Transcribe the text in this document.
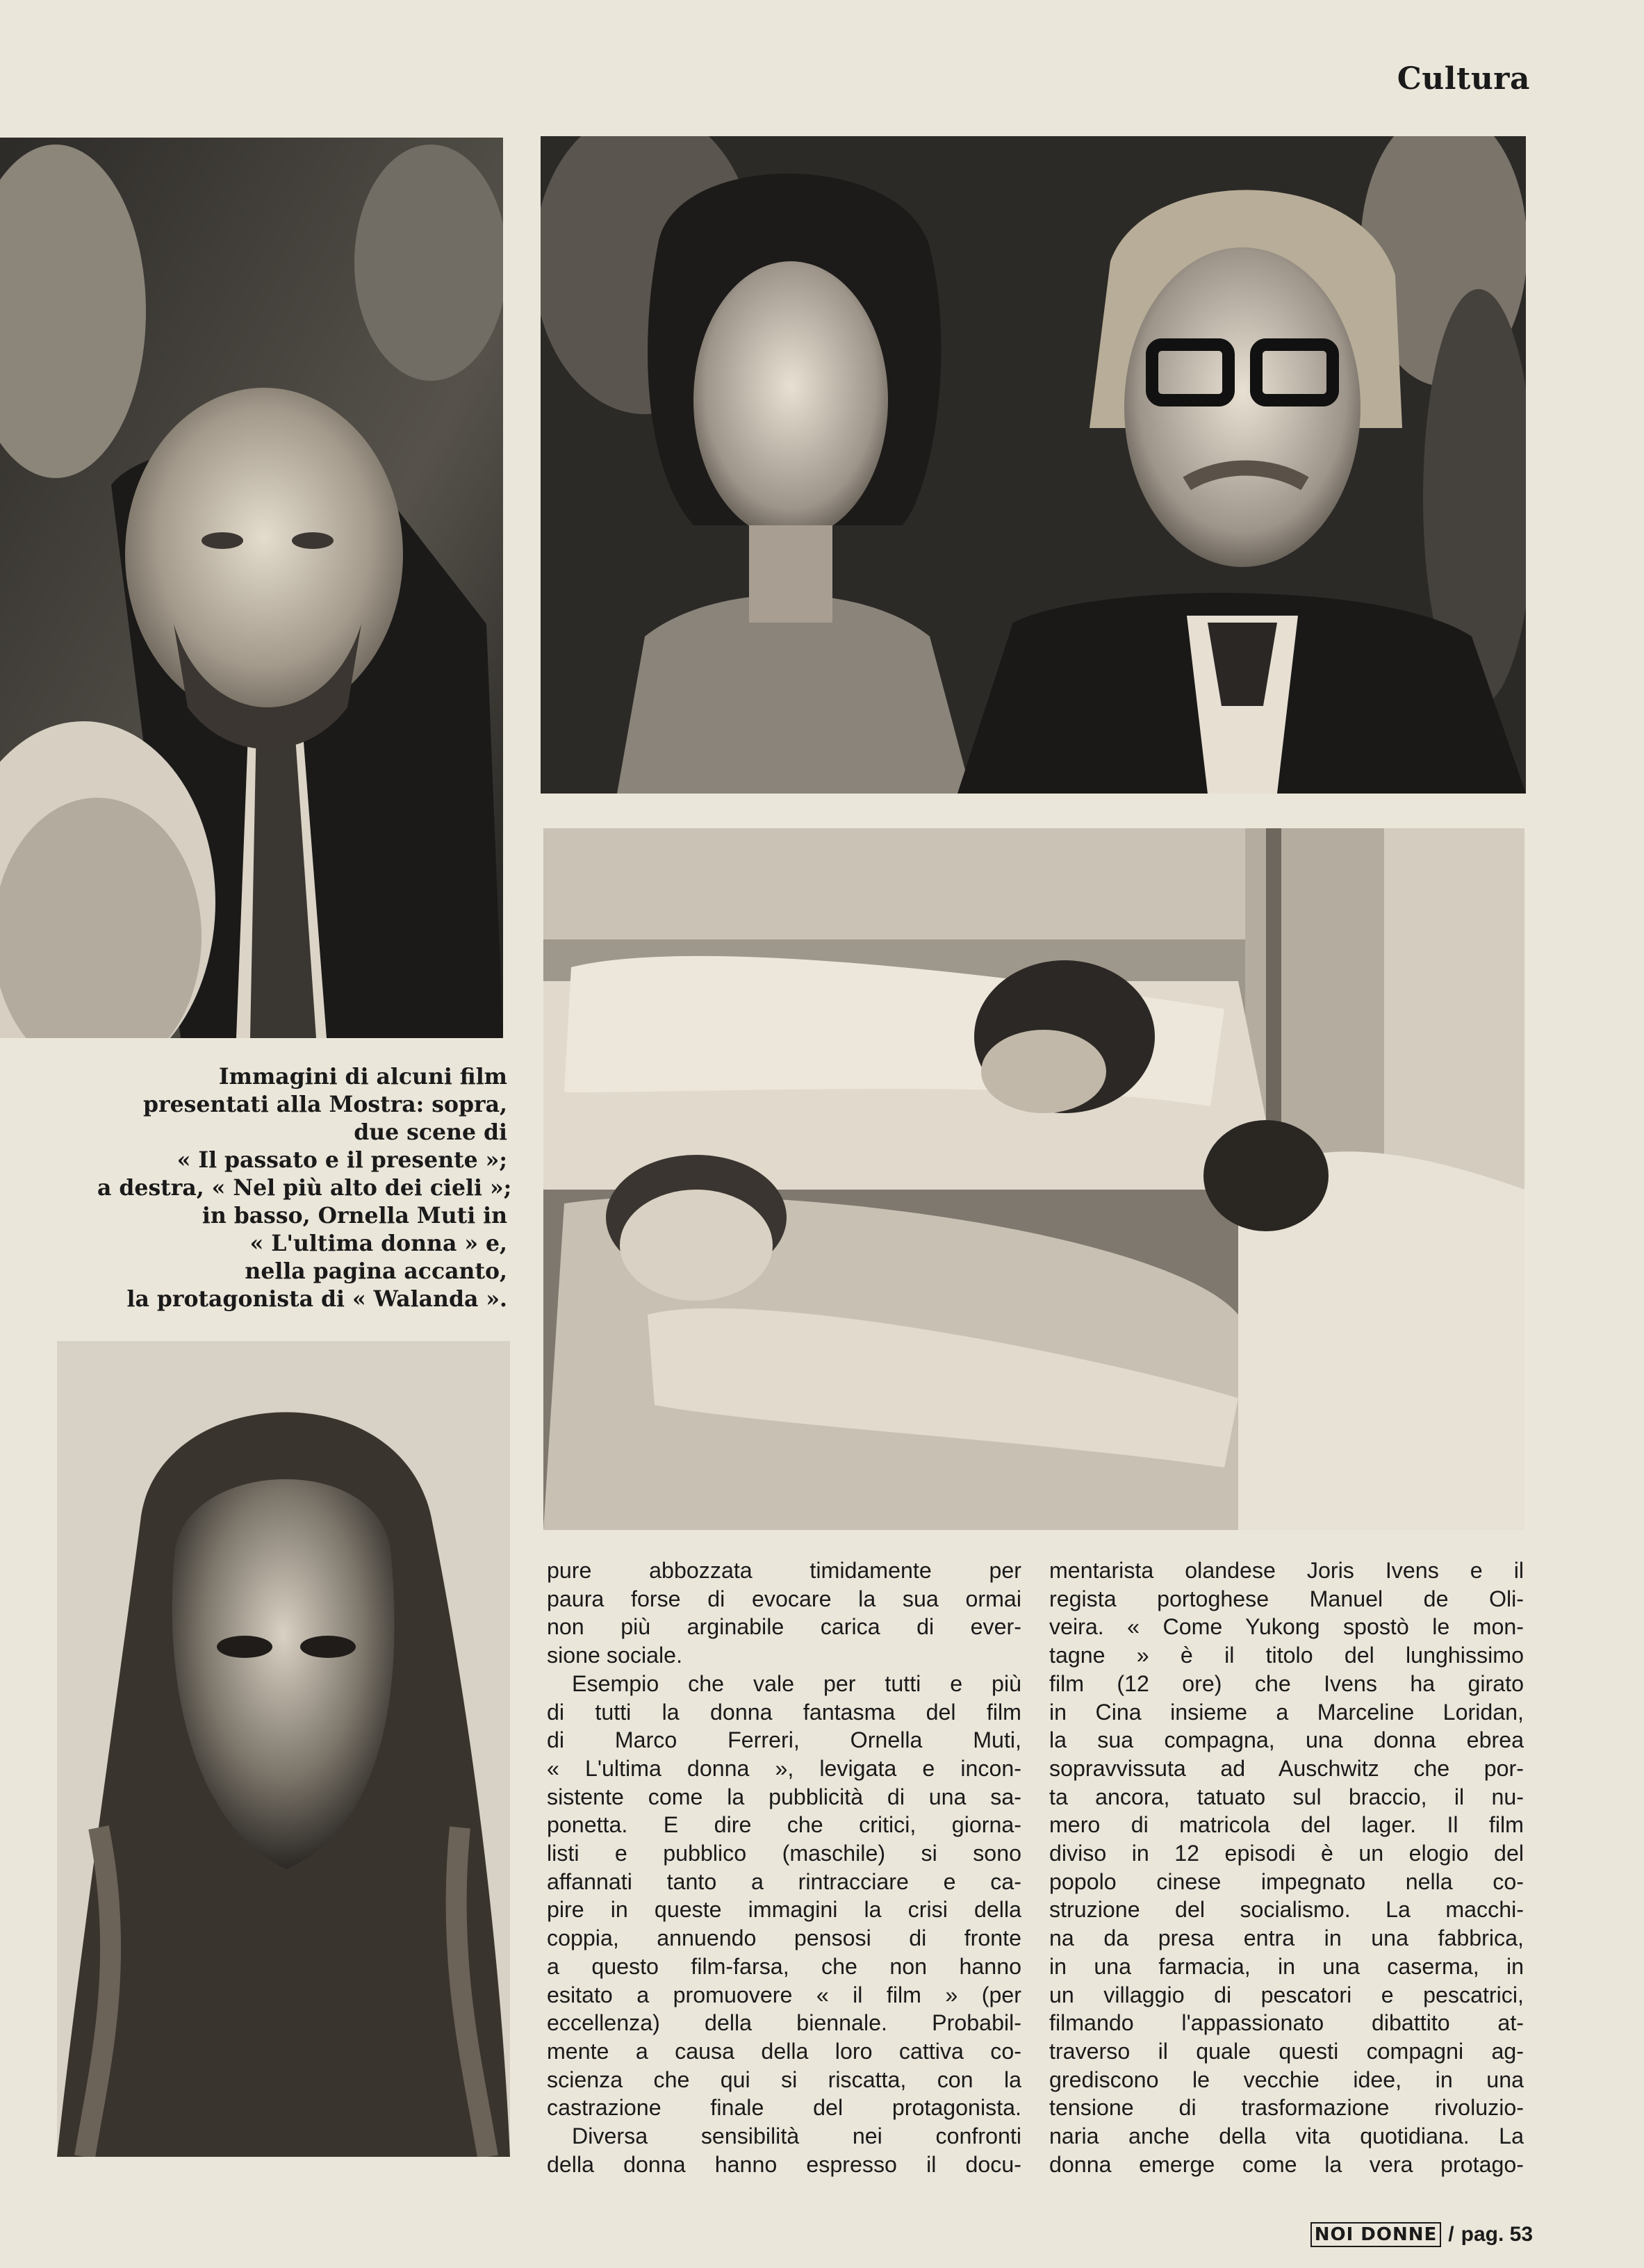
Cultura
Immagini di alcuni film
presentati alla Mostra: sopra,
due scene di
« Il passato e il presente »;
a destra, « Nel più alto dei cieli »;
in basso, Ornella Muti in
« L'ultima donna » e,
nella pagina accanto,
la protagonista di « Walanda ».
pure abbozzata timidamente per
paura forse di evocare la sua ormai
non più arginabile carica di ever-
sione sociale.
Esempio che vale per tutti e più
di tutti la donna fantasma del film
di Marco Ferreri, Ornella Muti,
« L'ultima donna », levigata e incon-
sistente come la pubblicità di una sa-
ponetta. E dire che critici, giorna-
listi e pubblico (maschile) si sono
affannati tanto a rintracciare e ca-
pire in queste immagini la crisi della
coppia, annuendo pensosi di fronte
a questo film-farsa, che non hanno
esitato a promuovere « il film » (per
eccellenza) della biennale. Probabil-
mente a causa della loro cattiva co-
scienza che qui si riscatta, con la
castrazione finale del protagonista.
Diversa sensibilità nei confronti
della donna hanno espresso il docu-
mentarista olandese Joris Ivens e il
regista portoghese Manuel de Oli-
veira. « Come Yukong spostò le mon-
tagne » è il titolo del lunghissimo
film (12 ore) che Ivens ha girato
in Cina insieme a Marceline Loridan,
la sua compagna, una donna ebrea
sopravvissuta ad Auschwitz che por-
ta ancora, tatuato sul braccio, il nu-
mero di matricola del lager. Il film
diviso in 12 episodi è un elogio del
popolo cinese impegnato nella co-
struzione del socialismo. La macchi-
na da presa entra in una fabbrica,
in una farmacia, in una caserma, in
un villaggio di pescatori e pescatrici,
filmando l'appassionato dibattito at-
traverso il quale questi compagni ag-
grediscono le vecchie idee, in una
tensione di trasformazione rivoluzio-
naria anche della vita quotidiana. La
donna emerge come la vera protago-
NOI DONNE / pag. 53
